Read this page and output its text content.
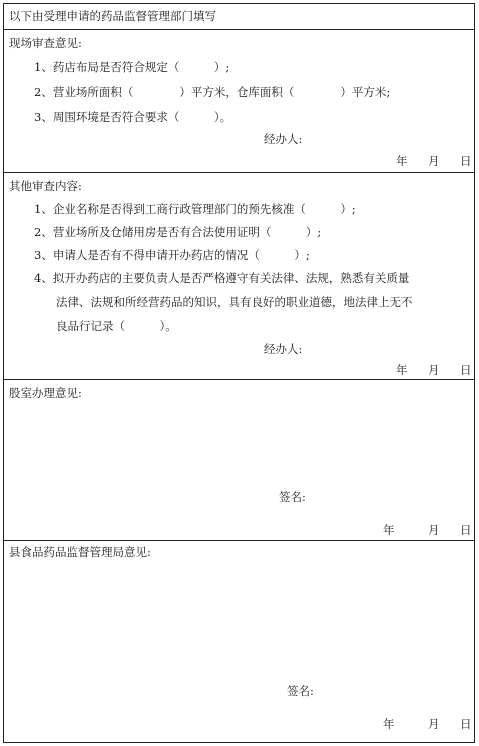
以下由受理申请的药品监督管理部门填写
现场审查意见:
1、药店布局是否符合规定（　　　）;
2、营业场所面积（　　　　）平方米，仓库面积（　　　　）平方米;
3、周围环境是否符合要求（　　　）。
经办人:
年 月 日
其他审查内容:
1、企业名称是否得到工商行政管理部门的预先核准（　　　）;
2、营业场所及仓储用房是否有合法使用证明（　　　）;
3、申请人是否有不得申请开办药店的情况（　　　）;
4、拟开办药店的主要负责人是否严格遵守有关法律、法规，熟悉有关质量
法律、法规和所经营药品的知识，具有良好的职业道德，地法律上无不
良品行记录（　　　）。
经办人:
年 月 日
股室办理意见:
签名:
年	月 日
县食品药品监督管理局意见:
签名:
年	月 日
